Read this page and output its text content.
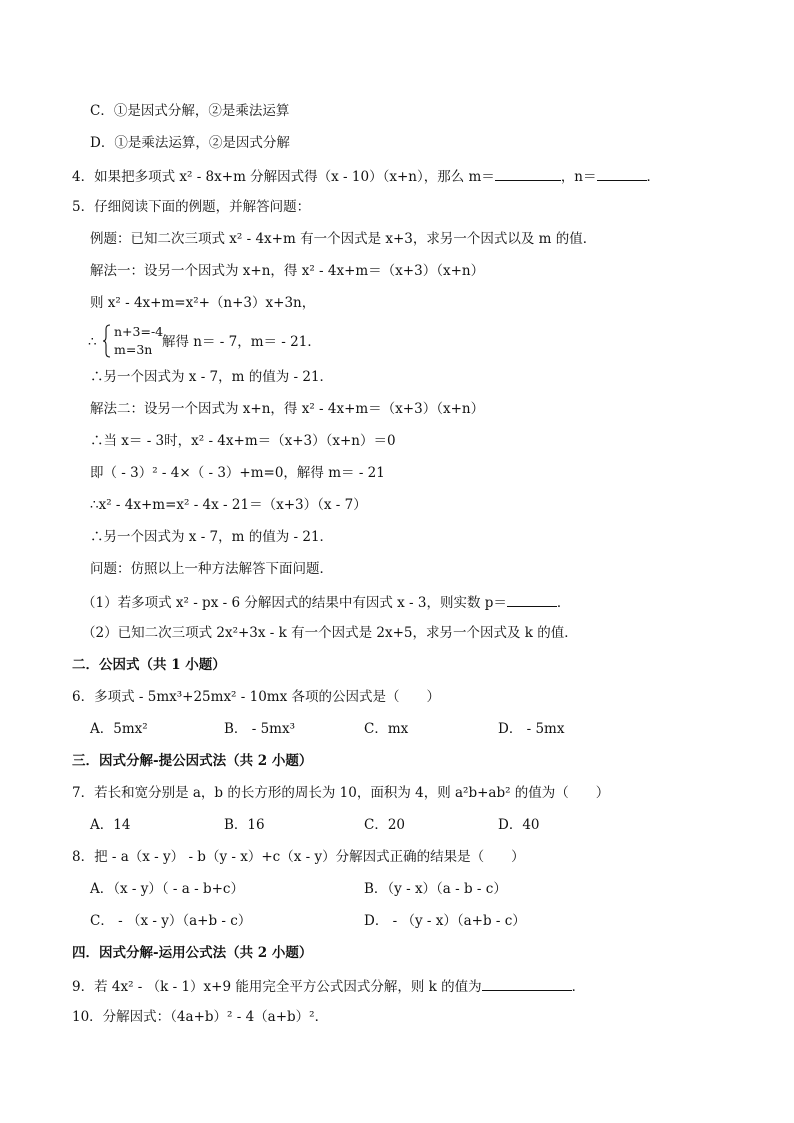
C．①是因式分解，②是乘法运算
D．①是乘法运算，②是因式分解
4．如果把多项式 x² - 8x+m 分解因式得（x - 10）（x+n），那么 m＝	，n＝	．
5．仔细阅读下面的例题，并解答问题：
例题：已知二次三项式 x² - 4x+m 有一个因式是 x+3，求另一个因式以及 m 的值．
解法一：设另一个因式为 x+n，得 x² - 4x+m＝（x+3）（x+n）
则 x² - 4x+m=x²+（n+3）x+3n，
∴
n+3=-4
m=3n 解得 n＝ - 7，m＝ - 21．
∴另一个因式为 x - 7，m 的值为 - 21．
解法二：设另一个因式为 x+n，得 x² - 4x+m＝（x+3）（x+n）
∴当 x＝ - 3时，x² - 4x+m＝（x+3）（x+n）＝0
即（ - 3）² - 4×（ - 3）+m=0，解得 m＝ - 21
∴x² - 4x+m=x² - 4x - 21＝（x+3）（x - 7）
∴另一个因式为 x - 7，m 的值为 - 21．
问题：仿照以上一种方法解答下面问题．
（1）若多项式 x² - px - 6 分解因式的结果中有因式 x - 3，则实数 p＝	．
（2）已知二次三项式 2x²+3x - k 有一个因式是 2x+5，求另一个因式及 k 的值．
二．公因式（共 1 小题）
6．多项式 - 5mx³+25mx² - 10mx 各项的公因式是（　　）
A．5mx²	B． - 5mx³	C．mx	D． - 5mx
三．因式分解-提公因式法（共 2 小题）
7．若长和宽分别是 a，b 的长方形的周长为 10，面积为 4，则 a²b+ab² 的值为（　　）
A．14	B．16	C．20	D．40
8．把 - a（x - y） - b（y - x）+c（x - y）分解因式正确的结果是（　　）
A．（x - y）（ - a - b+c）	B．（y - x）（a - b - c）
C． - （x - y）（a+b - c）	D． - （y - x）（a+b - c）
四．因式分解-运用公式法（共 2 小题）
9．若 4x² - （k - 1）x+9 能用完全平方公式因式分解，则 k 的值为	．
10．分解因式：（4a+b）² - 4（a+b）²．
